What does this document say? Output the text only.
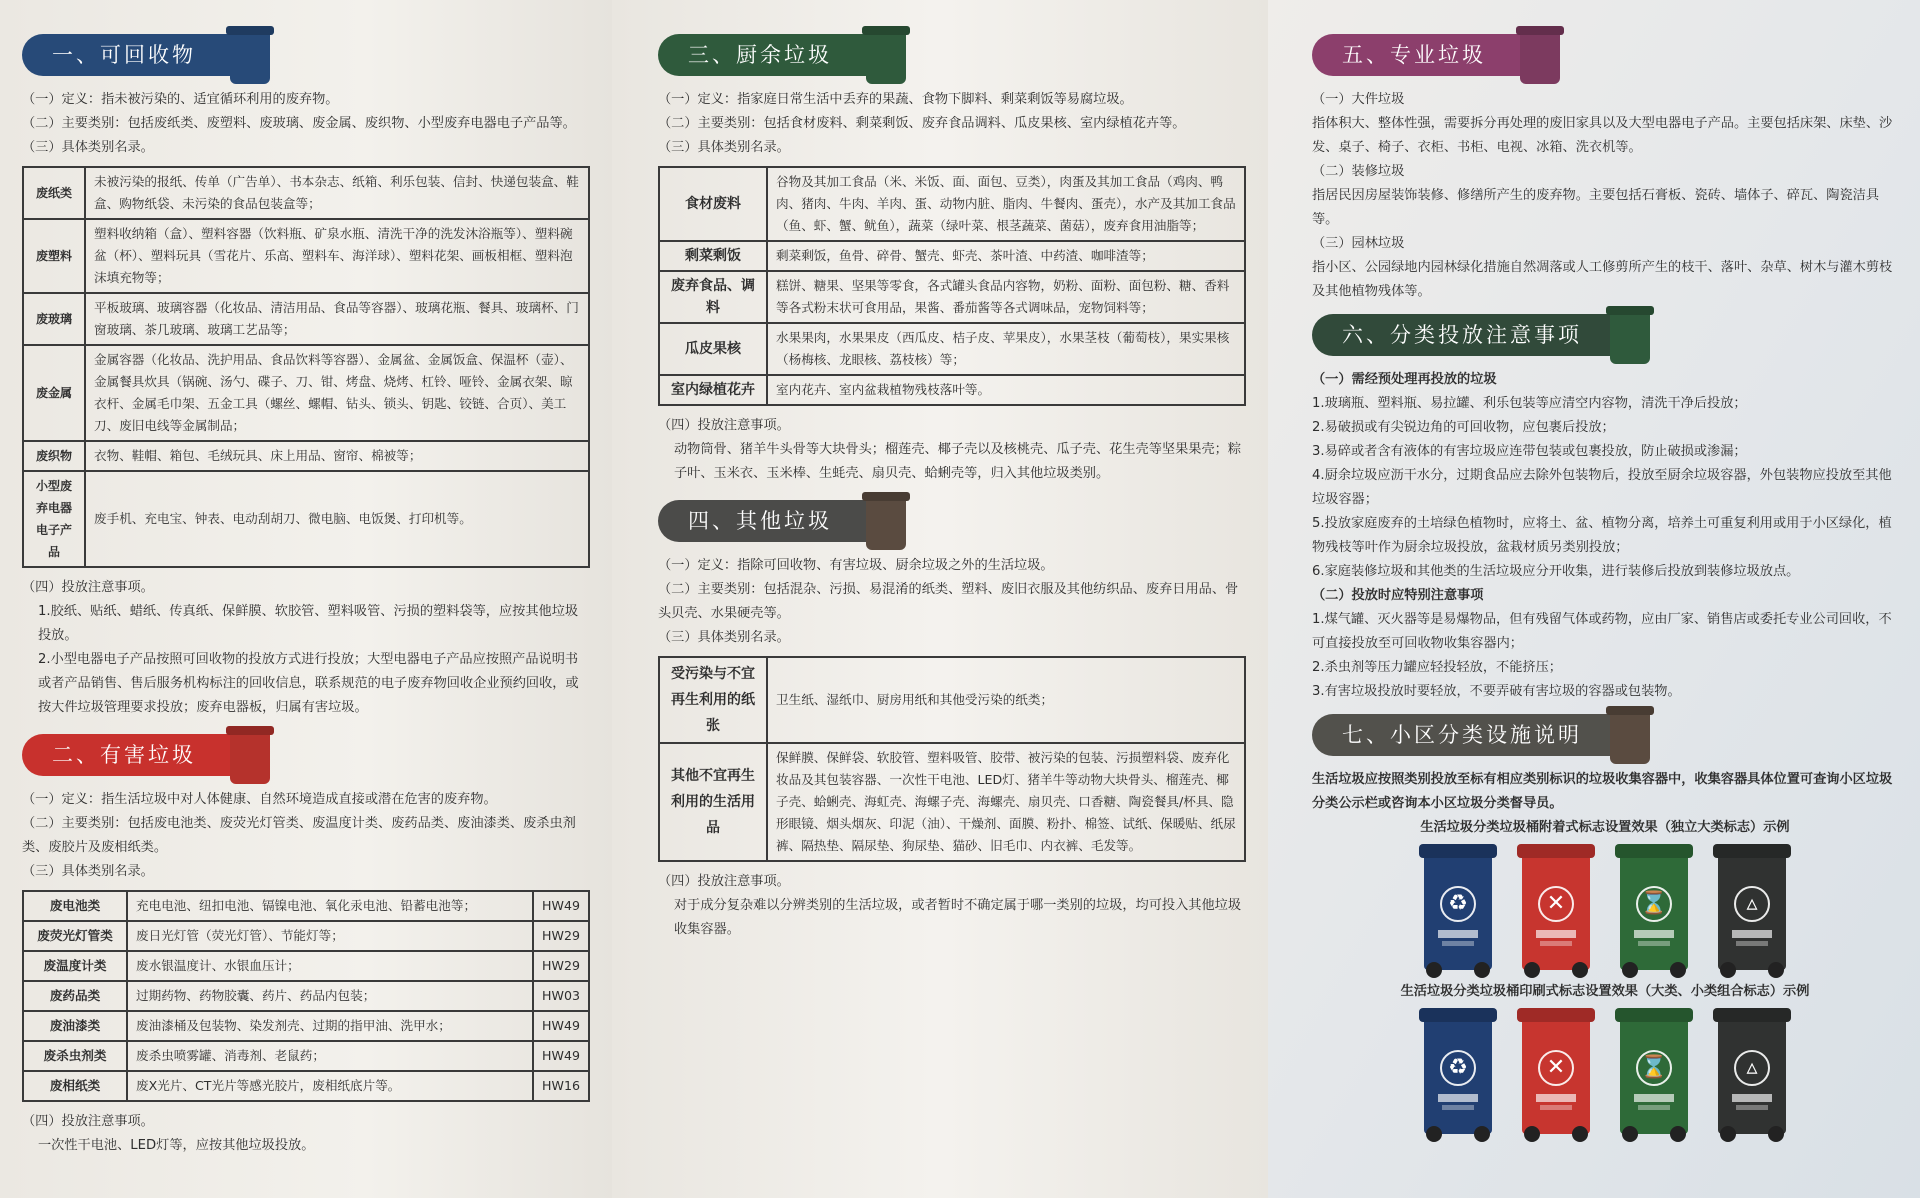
一、可回收物
（一）定义：指未被污染的、适宜循环利用的废弃物。
（二）主要类别：包括废纸类、废塑料、废玻璃、废金属、废织物、小型废弃电器电子产品等。
（三）具体类别名录。
废纸类	未被污染的报纸、传单（广告单）、书本杂志、纸箱、利乐包装、信封、快递包装盒、鞋盒、购物纸袋、未污染的食品包装盒等；
废塑料	塑料收纳箱（盒）、塑料容器（饮料瓶、矿泉水瓶、清洗干净的洗发沐浴瓶等）、塑料碗盆（杯）、塑料玩具（雪花片、乐高、塑料车、海洋球）、塑料花架、画板相框、塑料泡沫填充物等；
废玻璃	平板玻璃、玻璃容器（化妆品、清洁用品、食品等容器）、玻璃花瓶、餐具、玻璃杯、门窗玻璃、茶几玻璃、玻璃工艺品等；
废金属	金属容器（化妆品、洗护用品、食品饮料等容器）、金属盆、金属饭盒、保温杯（壶）、金属餐具炊具（锅碗、汤勺、碟子、刀、钳、烤盘、烧烤、杠铃、哑铃、金属衣架、晾衣杆、金属毛巾架、五金工具（螺丝、螺帽、钻头、锁头、钥匙、铰链、合页）、美工刀、废旧电线等金属制品；
废织物	衣物、鞋帽、箱包、毛绒玩具、床上用品、窗帘、棉被等；
小型废弃电器电子产品	废手机、充电宝、钟表、电动刮胡刀、微电脑、电饭煲、打印机等。
（四）投放注意事项。
1.胶纸、贴纸、蜡纸、传真纸、保鲜膜、软胶管、塑料吸管、污损的塑料袋等，应按其他垃圾投放。
2.小型电器电子产品按照可回收物的投放方式进行投放；大型电器电子产品应按照产品说明书或者产品销售、售后服务机构标注的回收信息，联系规范的电子废弃物回收企业预约回收，或按大件垃圾管理要求投放；废弃电器板，归属有害垃圾。
二、有害垃圾
（一）定义：指生活垃圾中对人体健康、自然环境造成直接或潜在危害的废弃物。
（二）主要类别：包括废电池类、废荧光灯管类、废温度计类、废药品类、废油漆类、废杀虫剂类、废胶片及废相纸类。
（三）具体类别名录。
废电池类	充电电池、纽扣电池、镉镍电池、氧化汞电池、铅蓄电池等；	HW49
废荧光灯管类	废日光灯管（荧光灯管）、节能灯等；	HW29
废温度计类	废水银温度计、水银血压计；	HW29
废药品类	过期药物、药物胶囊、药片、药品内包装；	HW03
废油漆类	废油漆桶及包装物、染发剂壳、过期的指甲油、洗甲水；	HW49
废杀虫剂类	废杀虫喷雾罐、消毒剂、老鼠药；	HW49
废相纸类	废X光片、CT光片等感光胶片，废相纸底片等。	HW16
（四）投放注意事项。
一次性干电池、LED灯等，应按其他垃圾投放。
三、厨余垃圾
（一）定义：指家庭日常生活中丢弃的果蔬、食物下脚料、剩菜剩饭等易腐垃圾。
（二）主要类别：包括食材废料、剩菜剩饭、废弃食品调料、瓜皮果核、室内绿植花卉等。
（三）具体类别名录。
食材废料	谷物及其加工食品（米、米饭、面、面包、豆类），肉蛋及其加工食品（鸡肉、鸭肉、猪肉、牛肉、羊肉、蛋、动物内脏、脂肉、牛餐肉、蛋壳），水产及其加工食品（鱼、虾、蟹、鱿鱼），蔬菜（绿叶菜、根茎蔬菜、菌菇），废弃食用油脂等；
剩菜剩饭	剩菜剩饭，鱼骨、碎骨、蟹壳、虾壳、茶叶渣、中药渣、咖啡渣等；
废弃食品、调料	糕饼、糖果、坚果等零食，各式罐头食品内容物，奶粉、面粉、面包粉、糖、香料等各式粉末状可食用品，果酱、番茄酱等各式调味品，宠物饲料等；
瓜皮果核	水果果肉，水果果皮（西瓜皮、桔子皮、苹果皮），水果茎枝（葡萄枝），果实果核（杨梅核、龙眼核、荔枝核）等；
室内绿植花卉	室内花卉、室内盆栽植物残枝落叶等。
（四）投放注意事项。
动物筒骨、猪羊牛头骨等大块骨头；榴莲壳、椰子壳以及核桃壳、瓜子壳、花生壳等坚果果壳；粽子叶、玉米衣、玉米棒、生蚝壳、扇贝壳、蛤蜊壳等，归入其他垃圾类别。
四、其他垃圾
（一）定义：指除可回收物、有害垃圾、厨余垃圾之外的生活垃圾。
（二）主要类别：包括混杂、污损、易混淆的纸类、塑料、废旧衣服及其他纺织品、废弃日用品、骨头贝壳、水果硬壳等。
（三）具体类别名录。
受污染与不宜再生利用的纸张	卫生纸、湿纸巾、厨房用纸和其他受污染的纸类；
其他不宜再生利用的生活用品	保鲜膜、保鲜袋、软胶管、塑料吸管、胶带、被污染的包装、污损塑料袋、废弃化妆品及其包装容器、一次性干电池、LED灯、猪羊牛等动物大块骨头、榴莲壳、椰子壳、蛤蜊壳、海虹壳、海螺子壳、海螺壳、扇贝壳、口香糖、陶瓷餐具/杯具、隐形眼镜、烟头烟灰、印泥（油）、干燥剂、面膜、粉扑、棉签、试纸、保暖贴、纸尿裤、隔热垫、隔尿垫、狗尿垫、猫砂、旧毛巾、内衣裤、毛发等。
（四）投放注意事项。
对于成分复杂难以分辨类别的生活垃圾，或者暂时不确定属于哪一类别的垃圾，均可投入其他垃圾收集容器。
五、专业垃圾
（一）大件垃圾
指体积大、整体性强，需要拆分再处理的废旧家具以及大型电器电子产品。主要包括床架、床垫、沙发、桌子、椅子、衣柜、书柜、电视、冰箱、洗衣机等。
（二）装修垃圾
指居民因房屋装饰装修、修缮所产生的废弃物。主要包括石膏板、瓷砖、墙体子、碎瓦、陶瓷洁具等。
（三）园林垃圾
指小区、公园绿地内园林绿化措施自然凋落或人工修剪所产生的枝干、落叶、杂草、树木与灌木剪枝及其他植物残体等。
六、分类投放注意事项
（一）需经预处理再投放的垃圾
1.玻璃瓶、塑料瓶、易拉罐、利乐包装等应清空内容物，清洗干净后投放；
2.易破损或有尖锐边角的可回收物，应包裹后投放；
3.易碎或者含有液体的有害垃圾应连带包装或包裹投放，防止破损或渗漏；
4.厨余垃圾应沥干水分，过期食品应去除外包装物后，投放至厨余垃圾容器，外包装物应投放至其他垃圾容器；
5.投放家庭废弃的土培绿色植物时，应将土、盆、植物分离，培养土可重复利用或用于小区绿化，植物残枝等叶作为厨余垃圾投放，盆栽材质另类别投放；
6.家庭装修垃圾和其他类的生活垃圾应分开收集，进行装修后投放到装修垃圾放点。
（二）投放时应特别注意事项
1.煤气罐、灭火器等是易爆物品，但有残留气体或药物，应由厂家、销售店或委托专业公司回收，不可直接投放至可回收物收集容器内；
2.杀虫剂等压力罐应轻投轻放，不能挤压；
3.有害垃圾投放时要轻放，不要弄破有害垃圾的容器或包装物。
七、小区分类设施说明
生活垃圾应按照类别投放至标有相应类别标识的垃圾收集容器中，收集容器具体位置可查询小区垃圾分类公示栏或咨询本小区垃圾分类督导员。
生活垃圾分类垃圾桶附着式标志设置效果（独立大类标志）示例
♻	✕	⌛	▵
生活垃圾分类垃圾桶印刷式标志设置效果（大类、小类组合标志）示例
♻	✕	⌛	▵
